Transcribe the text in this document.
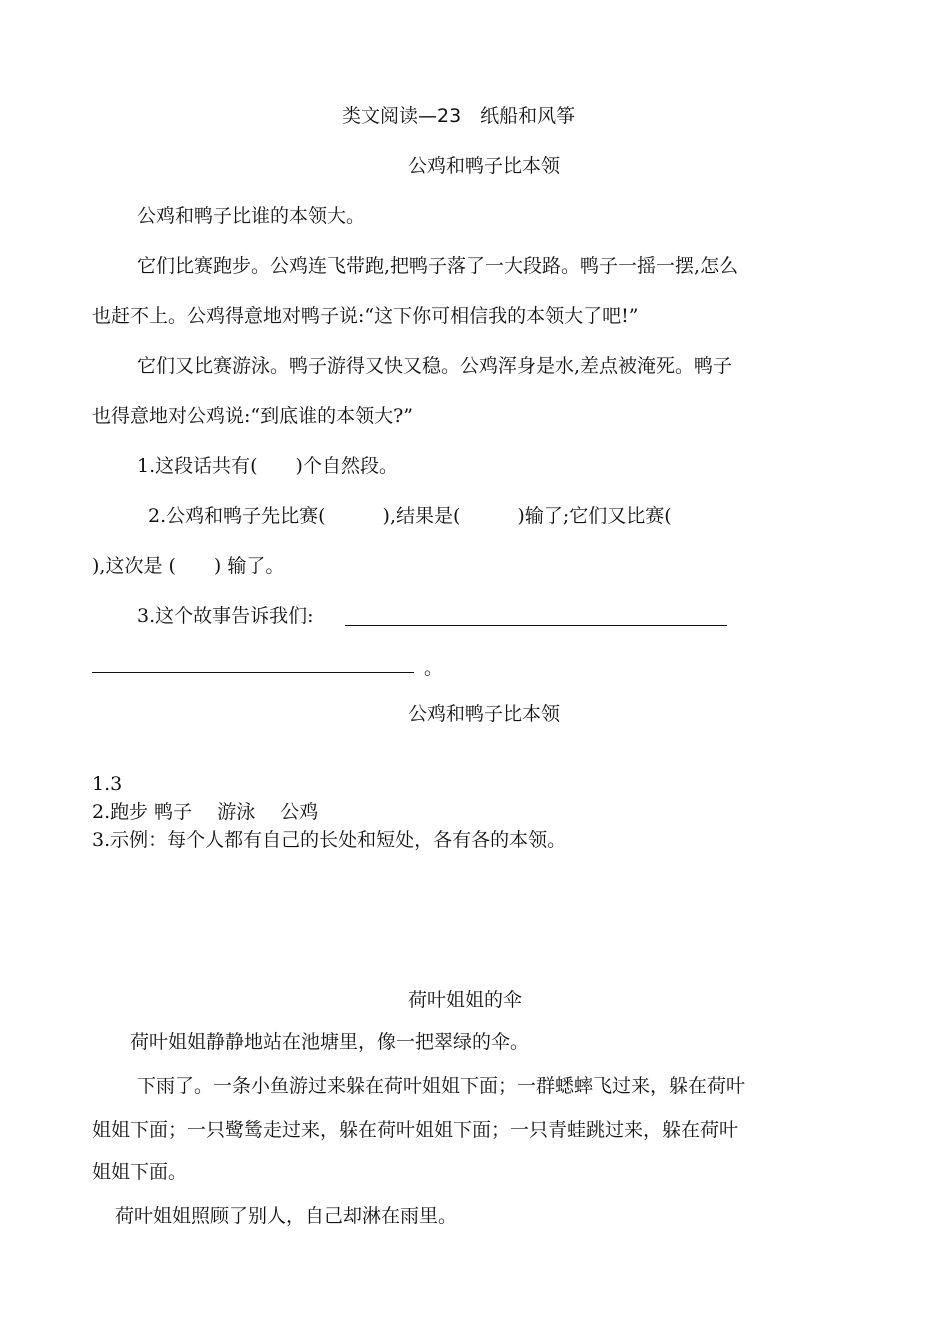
类文阅读—23　纸船和风筝
公鸡和鸭子比本领
公鸡和鸭子比谁的本领大。
它们比赛跑步。公鸡连飞带跑,把鸭子落了一大段路。鸭子一摇一摆,怎么
也赶不上。公鸡得意地对鸭子说:“这下你可相信我的本领大了吧!”
它们又比赛游泳。鸭子游得又快又稳。公鸡浑身是水,差点被淹死。鸭子
也得意地对公鸡说:“到底谁的本领大?”
1.这段话共有(　　)个自然段。
2.公鸡和鸭子先比赛(　　　),结果是(　　　)输了;它们又比赛(
),这次是 (　　) 输了。
3.这个故事告诉我们:
。
公鸡和鸭子比本领
1.3
2.跑步 鸭子　 游泳　 公鸡
3.示例：每个人都有自己的长处和短处，各有各的本领。
荷叶姐姐的伞
荷叶姐姐静静地站在池塘里，像一把翠绿的伞。
下雨了。一条小鱼游过来躲在荷叶姐姐下面；一群蟋蟀飞过来，躲在荷叶
姐姐下面；一只鹭鸶走过来，躲在荷叶姐姐下面；一只青蛙跳过来，躲在荷叶
姐姐下面。
荷叶姐姐照顾了别人，自己却淋在雨里。
